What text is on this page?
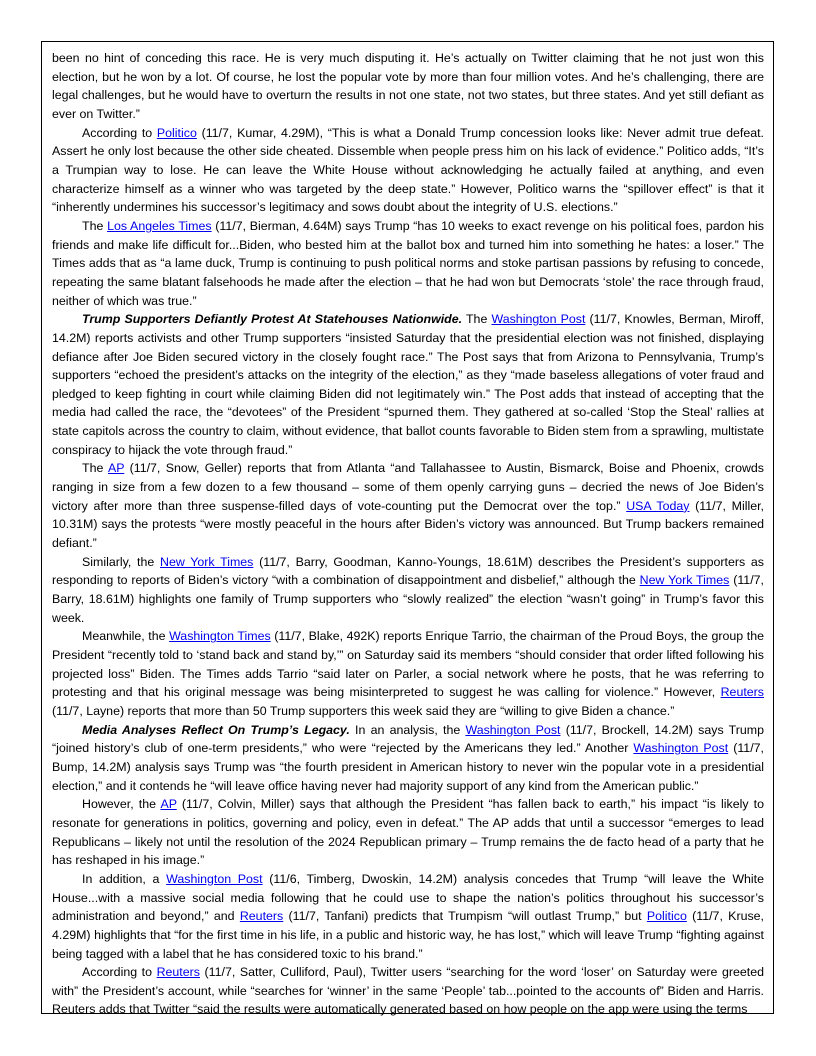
been no hint of conceding this race. He is very much disputing it. He’s actually on Twitter claiming that he not just won this election, but he won by a lot. Of course, he lost the popular vote by more than four million votes. And he’s challenging, there are legal challenges, but he would have to overturn the results in not one state, not two states, but three states. And yet still defiant as ever on Twitter.”

According to Politico (11/7, Kumar, 4.29M), “This is what a Donald Trump concession looks like: Never admit true defeat. Assert he only lost because the other side cheated. Dissemble when people press him on his lack of evidence.” Politico adds, “It’s a Trumpian way to lose. He can leave the White House without acknowledging he actually failed at anything, and even characterize himself as a winner who was targeted by the deep state.” However, Politico warns the “spillover effect” is that it “inherently undermines his successor’s legitimacy and sows doubt about the integrity of U.S. elections.”

The Los Angeles Times (11/7, Bierman, 4.64M) says Trump “has 10 weeks to exact revenge on his political foes, pardon his friends and make life difficult for...Biden, who bested him at the ballot box and turned him into something he hates: a loser.” The Times adds that as “a lame duck, Trump is continuing to push political norms and stoke partisan passions by refusing to concede, repeating the same blatant falsehoods he made after the election – that he had won but Democrats ‘stole’ the race through fraud, neither of which was true.”

Trump Supporters Defiantly Protest At Statehouses Nationwide. The Washington Post (11/7, Knowles, Berman, Miroff, 14.2M) reports activists and other Trump supporters “insisted Saturday that the presidential election was not finished, displaying defiance after Joe Biden secured victory in the closely fought race.” The Post says that from Arizona to Pennsylvania, Trump’s supporters “echoed the president’s attacks on the integrity of the election,” as they “made baseless allegations of voter fraud and pledged to keep fighting in court while claiming Biden did not legitimately win.” The Post adds that instead of accepting that the media had called the race, the “devotees” of the President “spurned them. They gathered at so-called ‘Stop the Steal’ rallies at state capitols across the country to claim, without evidence, that ballot counts favorable to Biden stem from a sprawling, multistate conspiracy to hijack the vote through fraud.”

The AP (11/7, Snow, Geller) reports that from Atlanta “and Tallahassee to Austin, Bismarck, Boise and Phoenix, crowds ranging in size from a few dozen to a few thousand – some of them openly carrying guns – decried the news of Joe Biden’s victory after more than three suspense-filled days of vote-counting put the Democrat over the top.” USA Today (11/7, Miller, 10.31M) says the protests “were mostly peaceful in the hours after Biden’s victory was announced. But Trump backers remained defiant.”

Similarly, the New York Times (11/7, Barry, Goodman, Kanno-Youngs, 18.61M) describes the President’s supporters as responding to reports of Biden’s victory “with a combination of disappointment and disbelief,” although the New York Times (11/7, Barry, 18.61M) highlights one family of Trump supporters who “slowly realized” the election “wasn’t going” in Trump’s favor this week.

Meanwhile, the Washington Times (11/7, Blake, 492K) reports Enrique Tarrio, the chairman of the Proud Boys, the group the President “recently told to ‘stand back and stand by,’” on Saturday said its members “should consider that order lifted following his projected loss” Biden. The Times adds Tarrio “said later on Parler, a social network where he posts, that he was referring to protesting and that his original message was being misinterpreted to suggest he was calling for violence.” However, Reuters (11/7, Layne) reports that more than 50 Trump supporters this week said they are “willing to give Biden a chance.”

Media Analyses Reflect On Trump’s Legacy. In an analysis, the Washington Post (11/7, Brockell, 14.2M) says Trump “joined history’s club of one-term presidents,” who were “rejected by the Americans they led.” Another Washington Post (11/7, Bump, 14.2M) analysis says Trump was “the fourth president in American history to never win the popular vote in a presidential election,” and it contends he “will leave office having never had majority support of any kind from the American public.”

However, the AP (11/7, Colvin, Miller) says that although the President “has fallen back to earth,” his impact “is likely to resonate for generations in politics, governing and policy, even in defeat.” The AP adds that until a successor “emerges to lead Republicans – likely not until the resolution of the 2024 Republican primary – Trump remains the de facto head of a party that he has reshaped in his image.”

In addition, a Washington Post (11/6, Timberg, Dwoskin, 14.2M) analysis concedes that Trump “will leave the White House...with a massive social media following that he could use to shape the nation’s politics throughout his successor’s administration and beyond,” and Reuters (11/7, Tanfani) predicts that Trumpism “will outlast Trump,” but Politico (11/7, Kruse, 4.29M) highlights that “for the first time in his life, in a public and historic way, he has lost,” which will leave Trump “fighting against being tagged with a label that he has considered toxic to his brand.”

According to Reuters (11/7, Satter, Culliford, Paul), Twitter users “searching for the word ‘loser’ on Saturday were greeted with” the President’s account, while “searches for ‘winner’ in the same ‘People’ tab...pointed to the accounts of” Biden and Harris. Reuters adds that Twitter “said the results were automatically generated based on how people on the app were using the terms
